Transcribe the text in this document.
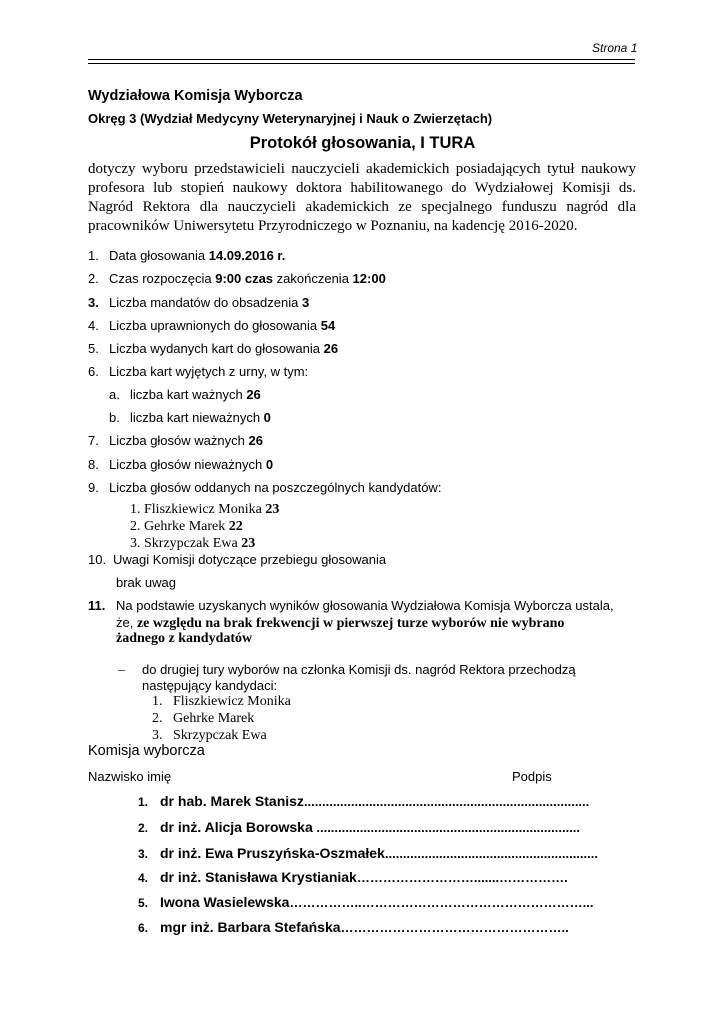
Strona 1
Wydziałowa Komisja Wyborcza
Okręg 3 (Wydział Medycyny Weterynaryjnej i Nauk o Zwierzętach)
Protokół głosowania, I TURA
dotyczy wyboru przedstawicieli nauczycieli akademickich posiadających tytuł naukowy profesora lub stopień naukowy doktora habilitowanego do Wydziałowej Komisji ds. Nagród Rektora dla nauczycieli akademickich ze specjalnego funduszu nagród dla pracowników Uniwersytetu Przyrodniczego w Poznaniu, na kadencję 2016-2020.
1. Data głosowania 14.09.2016 r.
2. Czas rozpoczęcia 9:00 czas zakończenia 12:00
3. Liczba mandatów do obsadzenia 3
4. Liczba uprawnionych do głosowania 54
5. Liczba wydanych kart do głosowania 26
6. Liczba kart wyjętych z urny, w tym:
a. liczba kart ważnych 26
b. liczba kart nieważnych 0
7. Liczba głosów ważnych 26
8. Liczba głosów nieważnych 0
9. Liczba głosów oddanych na poszczególnych kandydatów:
1. Fliszkiewicz Monika 23
2. Gehrke Marek 22
3. Skrzypczak Ewa 23
10. Uwagi Komisji dotyczące przebiegu głosowania
brak uwag
11. Na podstawie uzyskanych wyników głosowania Wydziałowa Komisja Wyborcza ustala,
że, ze względu na brak frekwencji w pierwszej turze wyborów nie wybrano
żadnego z kandydatów
– do drugiej tury wyborów na członka Komisji ds. nagród Rektora przechodzą
następujący kandydaci:
1. Fliszkiewicz Monika
2. Gehrke Marek
3. Skrzypczak Ewa
Komisja wyborcza
Nazwisko imię	Podpis
1. dr hab. Marek Stanisz...............................................................................
2. dr inż. Alicja Borowska .........................................................................
3. dr inż. Ewa Pruszyńska-Oszmałek...........................................................
4. dr inż. Stanisława Krystianiak……………………….......…………….
5. Iwona Wasielewska……………..……………………………………………...
6. mgr inż. Barbara Stefańska……………………………………………..
